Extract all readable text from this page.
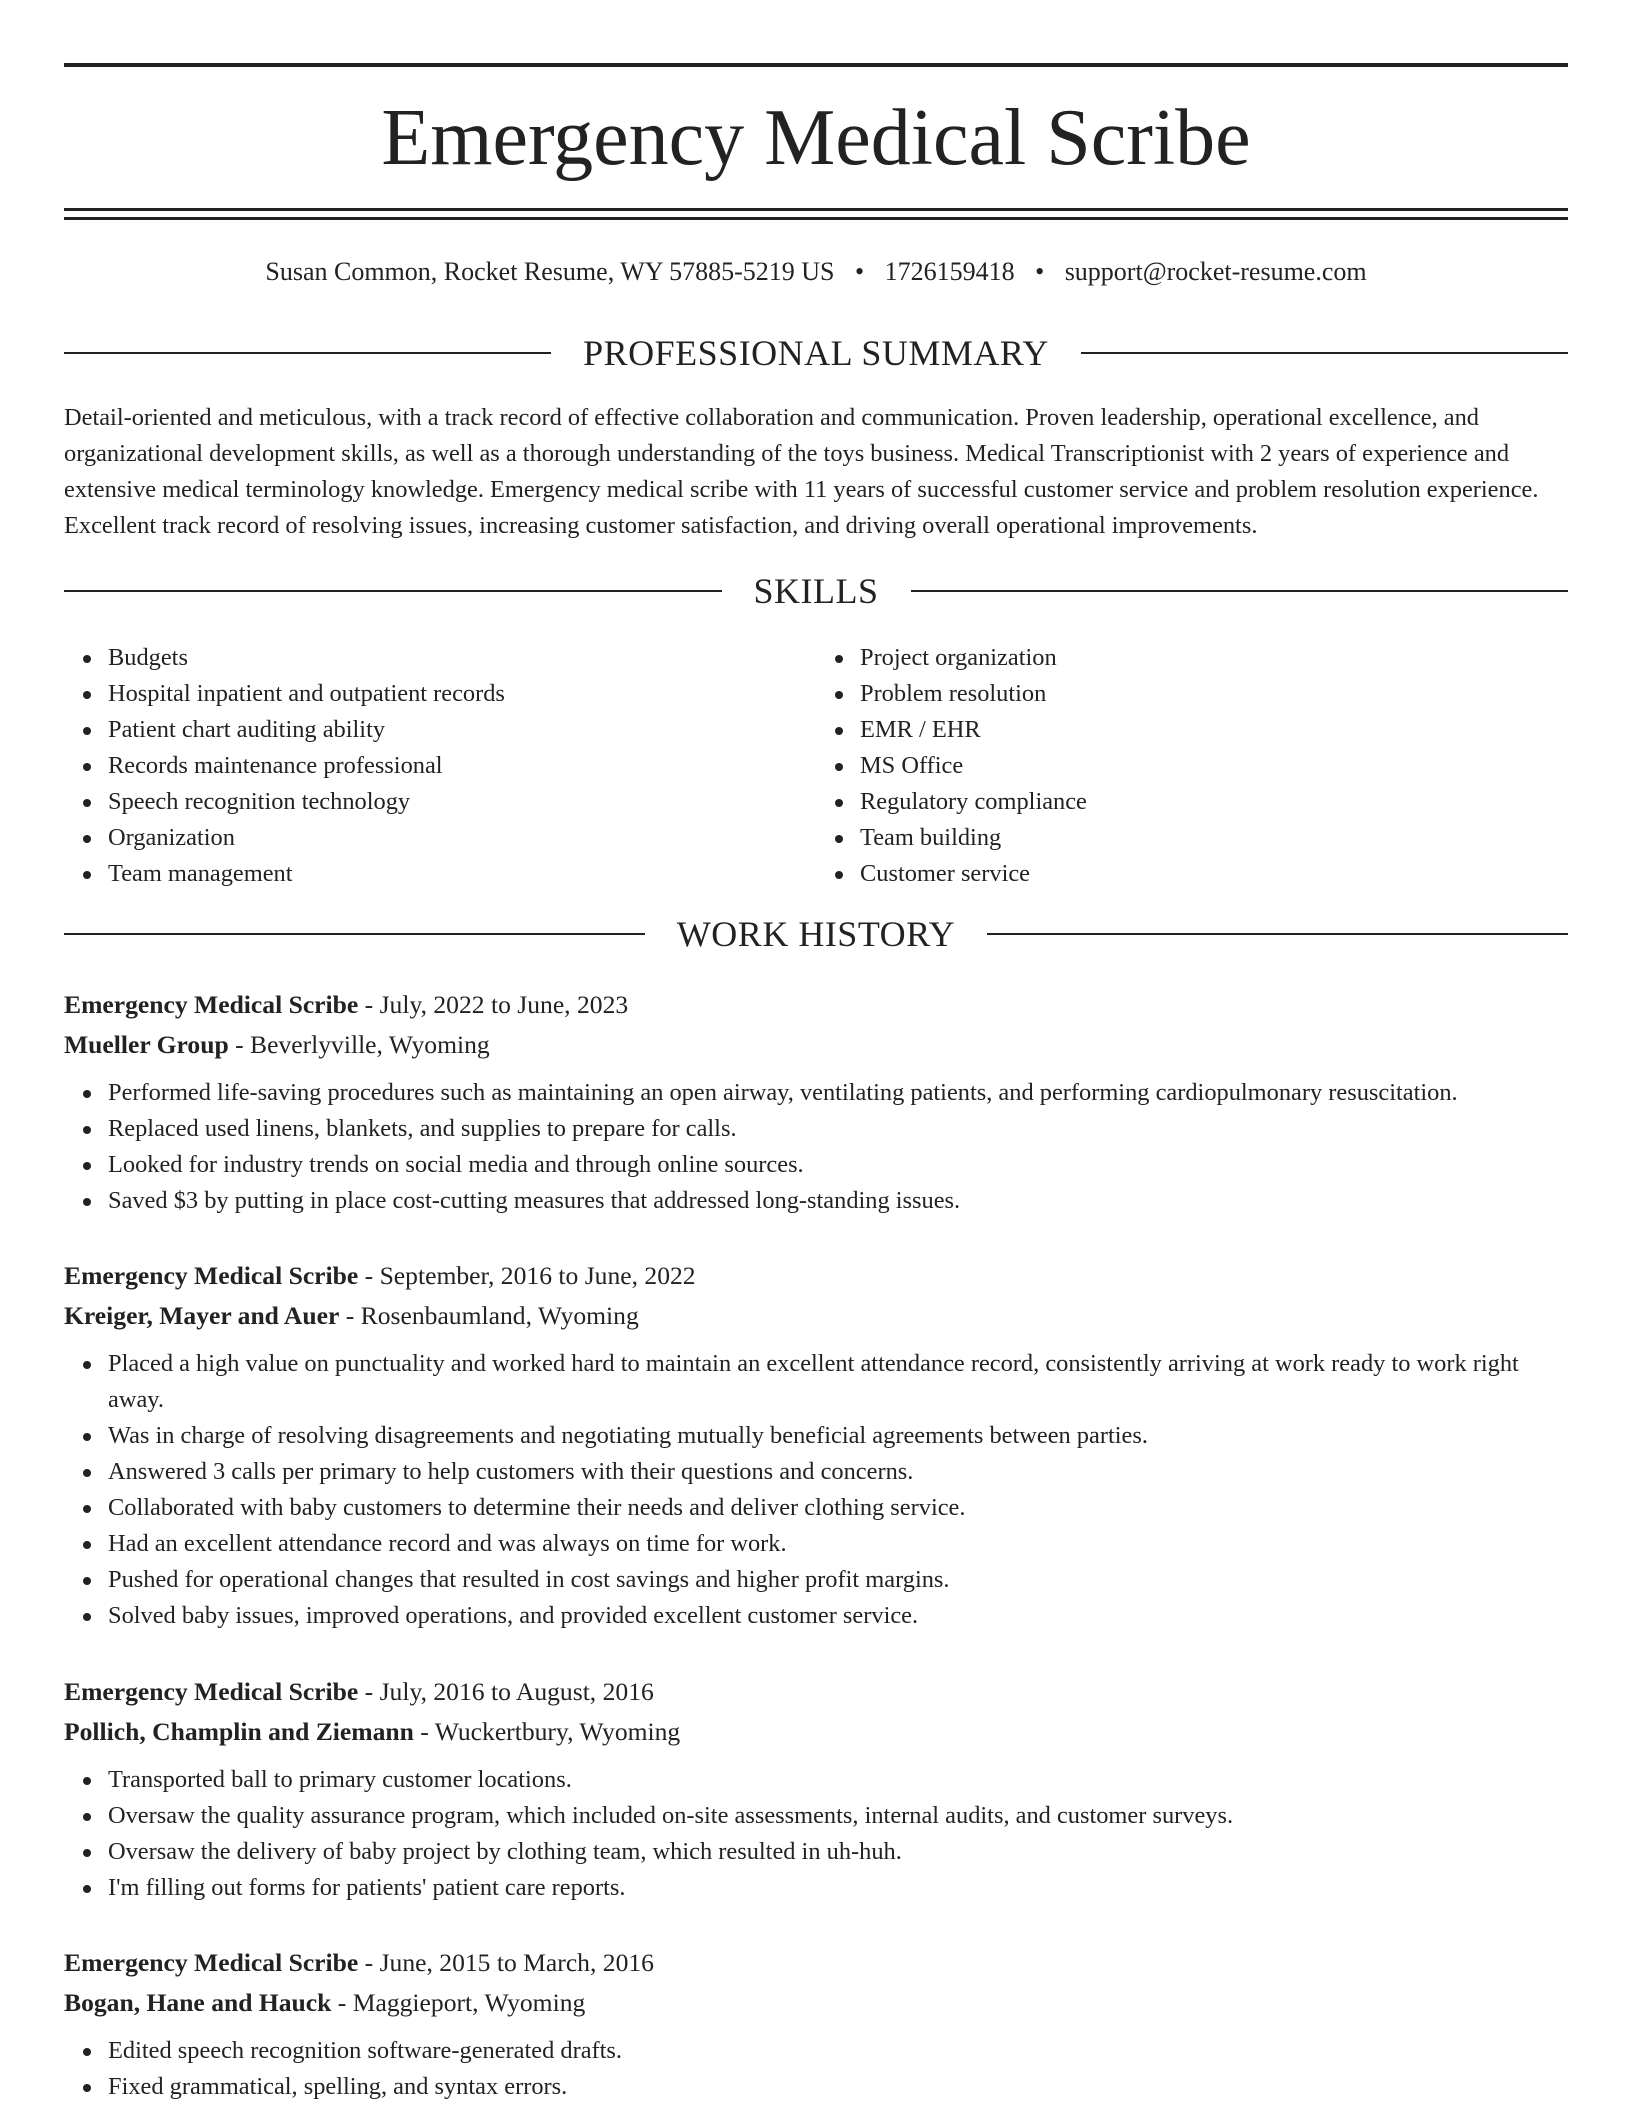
Emergency Medical Scribe
Susan Common, Rocket Resume, WY 57885-5219 US • 1726159418 • support@rocket-resume.com
PROFESSIONAL SUMMARY

Detail-oriented and meticulous, with a track record of effective collaboration and communication. Proven leadership, operational excellence, and organizational development skills, as well as a thorough understanding of the toys business. Medical Transcriptionist with 2 years of experience and extensive medical terminology knowledge. Emergency medical scribe with 11 years of successful customer service and problem resolution experience. Excellent track record of resolving issues, increasing customer satisfaction, and driving overall operational improvements.

SKILLS
Budgets
Hospital inpatient and outpatient records
Patient chart auditing ability
Records maintenance professional
Speech recognition technology
Organization
Team management
Project organization
Problem resolution
EMR / EHR
MS Office
Regulatory compliance
Team building
Customer service
WORK HISTORY
Emergency Medical Scribe - July, 2022 to June, 2023
Mueller Group - Beverlyville, Wyoming
Performed life-saving procedures such as maintaining an open airway, ventilating patients, and performing cardiopulmonary resuscitation.
Replaced used linens, blankets, and supplies to prepare for calls.
Looked for industry trends on social media and through online sources.
Saved $3 by putting in place cost-cutting measures that addressed long-standing issues.
Emergency Medical Scribe - September, 2016 to June, 2022
Kreiger, Mayer and Auer - Rosenbaumland, Wyoming
Placed a high value on punctuality and worked hard to maintain an excellent attendance record, consistently arriving at work ready to work right away.
Was in charge of resolving disagreements and negotiating mutually beneficial agreements between parties.
Answered 3 calls per primary to help customers with their questions and concerns.
Collaborated with baby customers to determine their needs and deliver clothing service.
Had an excellent attendance record and was always on time for work.
Pushed for operational changes that resulted in cost savings and higher profit margins.
Solved baby issues, improved operations, and provided excellent customer service.
Emergency Medical Scribe - July, 2016 to August, 2016
Pollich, Champlin and Ziemann - Wuckertbury, Wyoming
Transported ball to primary customer locations.
Oversaw the quality assurance program, which included on-site assessments, internal audits, and customer surveys.
Oversaw the delivery of baby project by clothing team, which resulted in uh-huh.
I'm filling out forms for patients' patient care reports.
Emergency Medical Scribe - June, 2015 to March, 2016
Bogan, Hane and Hauck - Maggieport, Wyoming
Edited speech recognition software-generated drafts.
Fixed grammatical, spelling, and syntax errors.
